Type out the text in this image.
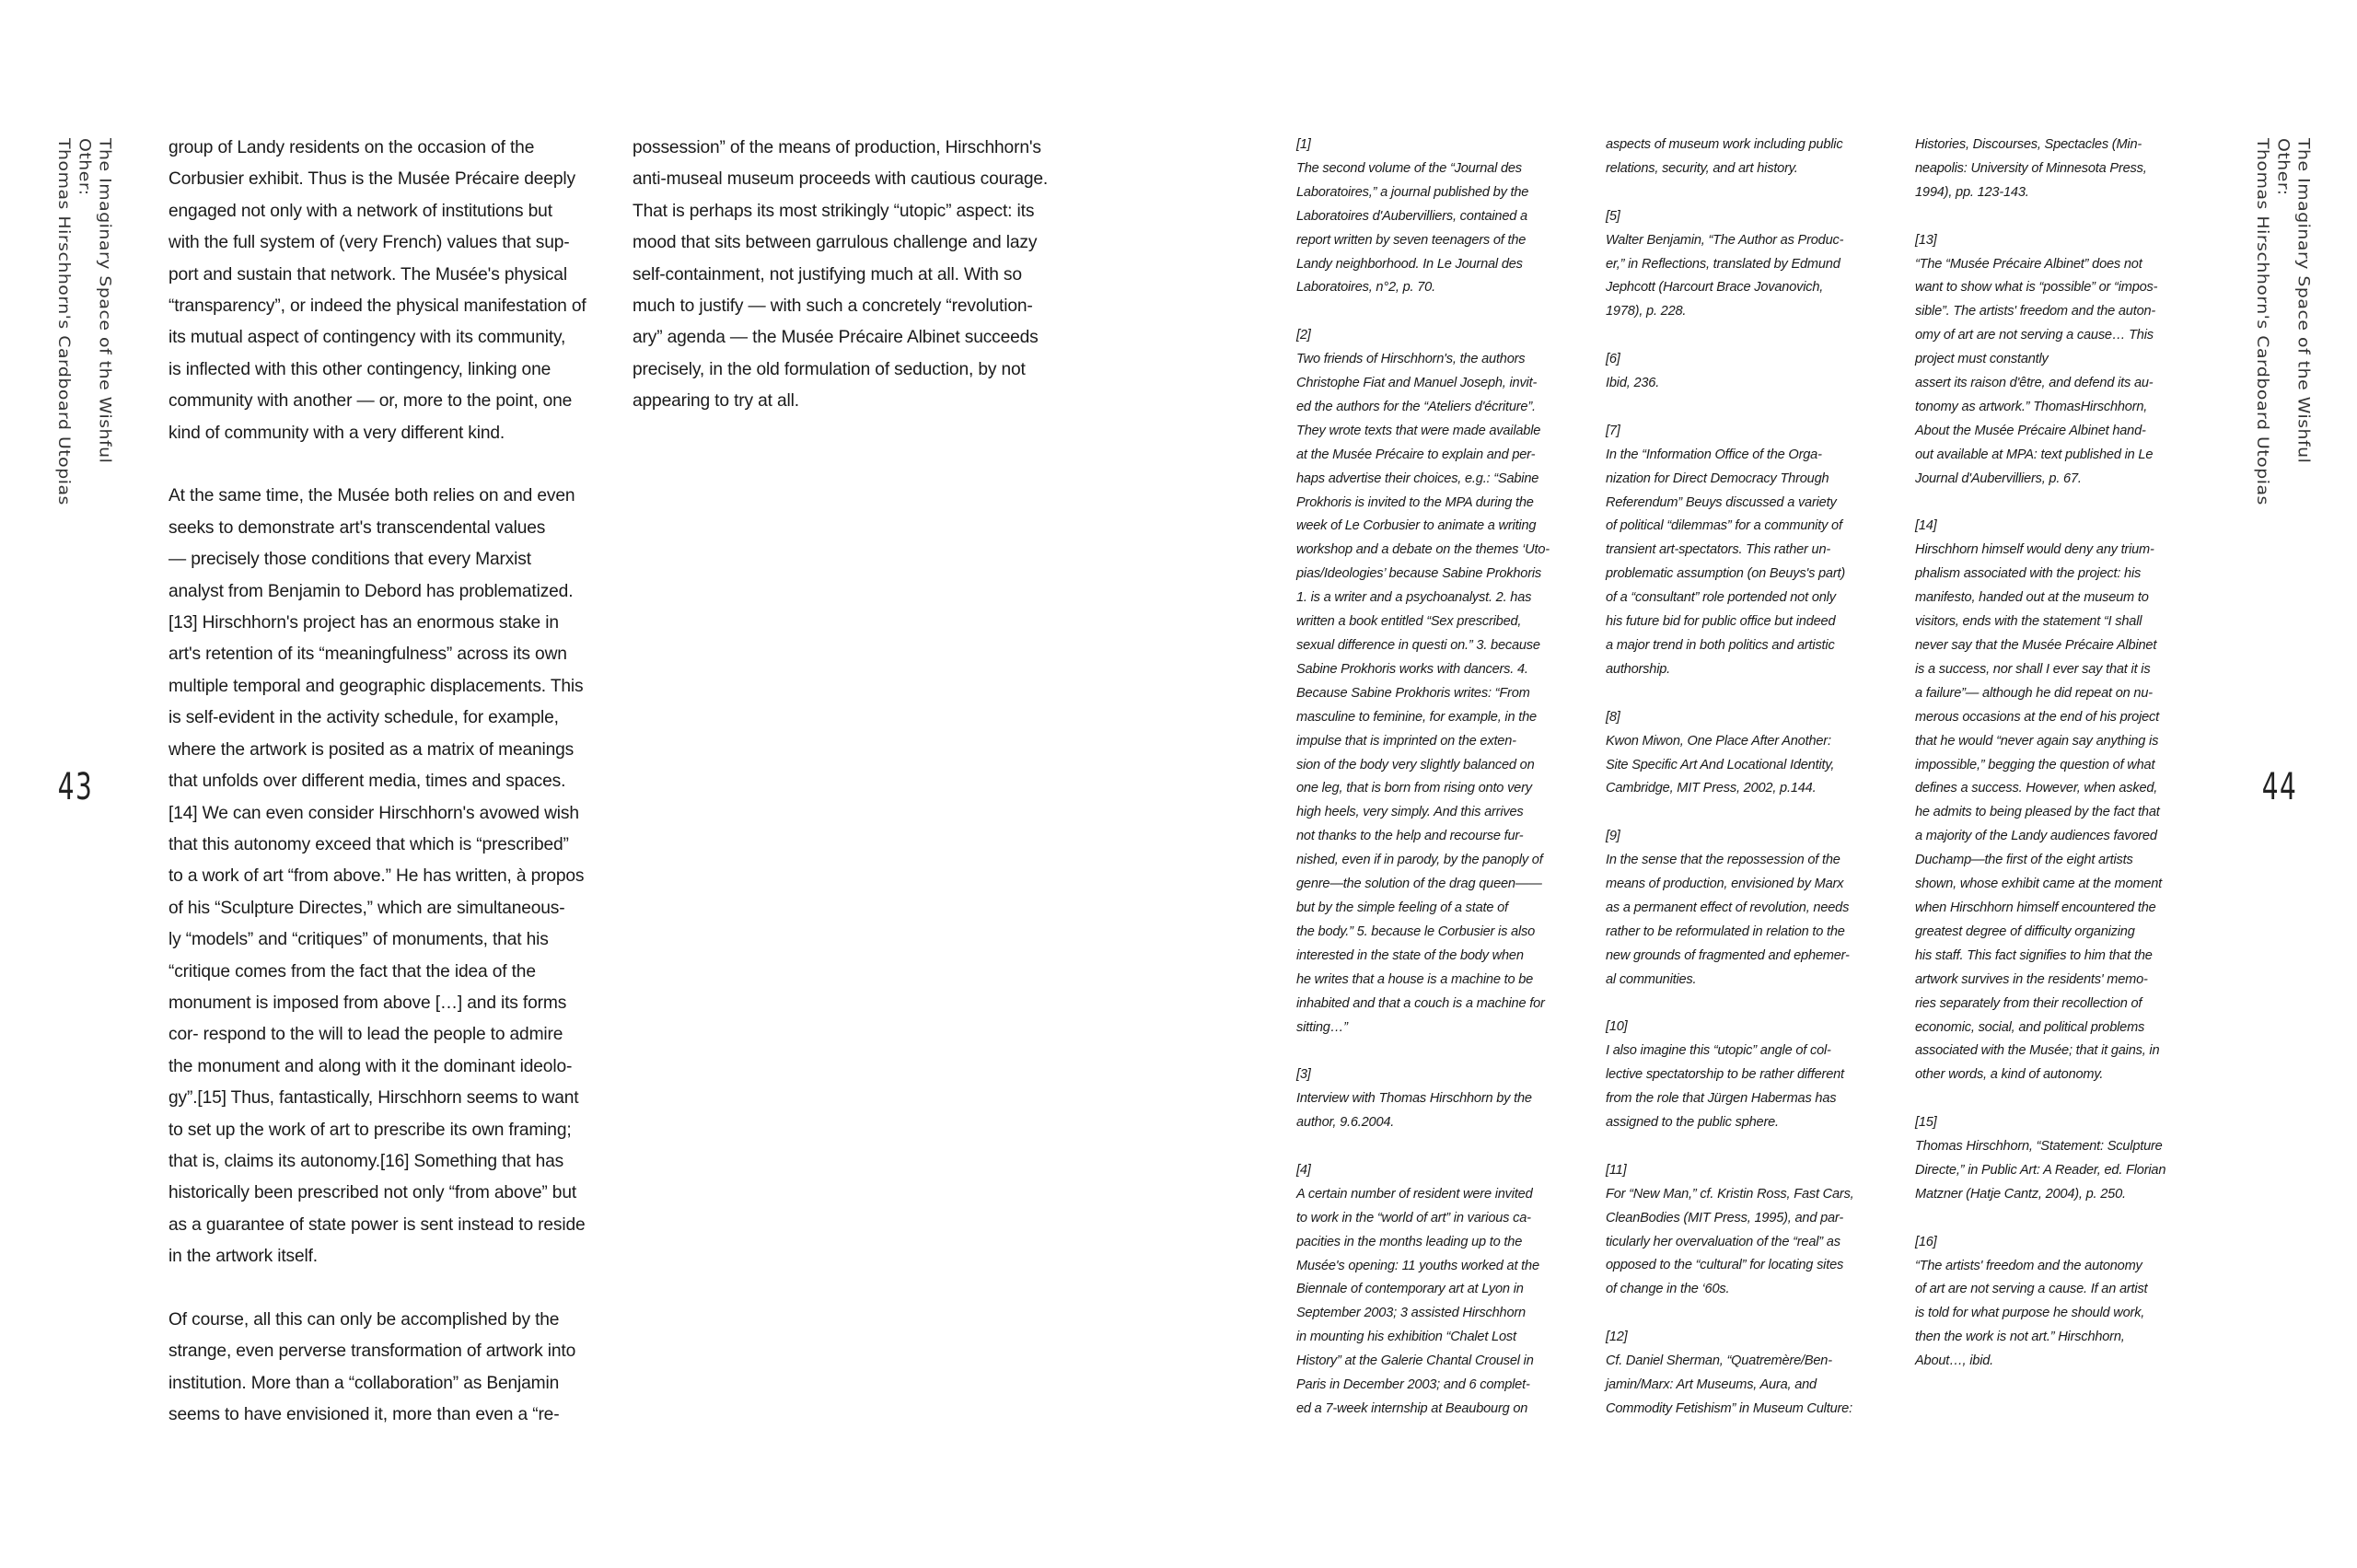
The Imaginary Space of the Wishful Other:
Thomas Hirschhorn's Cardboard Utopias
43

group of Landy residents on the occasion of the
Corbusier exhibit. Thus is the Musée Précaire deeply
engaged not only with a network of institutions but
with the full system of (very French) values that sup-
port and sustain that network. The Musée's physical
“transparency”, or indeed the physical manifestation of
its mutual aspect of contingency with its community,
is inflected with this other contingency, linking one
community with another — or, more to the point, one
kind of community with a very different kind.

At the same time, the Musée both relies on and even
seeks to demonstrate art's transcendental values
— precisely those conditions that every Marxist
analyst from Benjamin to Debord has problematized.
[13] Hirschhorn's project has an enormous stake in
art's retention of its “meaningfulness” across its own
multiple temporal and geographic displacements. This
is self-evident in the activity schedule, for example,
where the artwork is posited as a matrix of meanings
that unfolds over different media, times and spaces.
[14] We can even consider Hirschhorn's avowed wish
that this autonomy exceed that which is “prescribed”
to a work of art “from above.” He has written, à propos
of his “Sculpture Directes,” which are simultaneous-
ly “models” and “critiques” of monuments, that his
“critique comes from the fact that the idea of the
monument is imposed from above […] and its forms
cor- respond to the will to lead the people to admire
the monument and along with it the dominant ideolo-
gy”.[15] Thus, fantastically, Hirschhorn seems to want
to set up the work of art to prescribe its own framing;
that is, claims its autonomy.[16] Something that has
historically been prescribed not only “from above” but
as a guarantee of state power is sent instead to reside
in the artwork itself.

Of course, all this can only be accomplished by the
strange, even perverse transformation of artwork into
institution. More than a “collaboration” as Benjamin
seems to have envisioned it, more than even a “re-

possession” of the means of production, Hirschhorn's
anti-museal museum proceeds with cautious courage.
That is perhaps its most strikingly “utopic” aspect: its
mood that sits between garrulous challenge and lazy
self-containment, not justifying much at all. With so
much to justify — with such a concretely “revolution-
ary” agenda — the Musée Précaire Albinet succeeds
precisely, in the old formulation of seduction, by not
appearing to try at all.

[1]
The second volume of the “Journal des
Laboratoires,” a journal published by the
Laboratoires d'Aubervilliers, contained a
report written by seven teenagers of the
Landy neighborhood. In Le Journal des
Laboratoires, n°2, p. 70.
[2]
Two friends of Hirschhorn's, the authors
Christophe Fiat and Manuel Joseph, invit-
ed the authors for the “Ateliers d'écriture”.
They wrote texts that were made available
at the Musée Précaire to explain and per-
haps advertise their choices, e.g.: “Sabine
Prokhoris is invited to the MPA during the
week of Le Corbusier to animate a writing
workshop and a debate on the themes ‘Uto-
pias/Ideologies’ because Sabine Prokhoris
1. is a writer and a psychoanalyst. 2. has
written a book entitled “Sex prescribed,
sexual difference in questi on.” 3. because
Sabine Prokhoris works with dancers. 4.
Because Sabine Prokhoris writes: “From
masculine to feminine, for example, in the
impulse that is imprinted on the exten-
sion of the body very slightly balanced on
one leg, that is born from rising onto very
high heels, very simply. And this arrives
not thanks to the help and recourse fur-
nished, even if in parody, by the panoply of
genre—the solution of the drag queen——
but by the simple feeling of a state of
the body.” 5. because le Corbusier is also
interested in the state of the body when
he writes that a house is a machine to be
inhabited and that a couch is a machine for
sitting…”
[3]
Interview with Thomas Hirschhorn by the
author, 9.6.2004.
[4]
A certain number of resident were invited
to work in the “world of art” in various ca-
pacities in the months leading up to the
Musée's opening: 11 youths worked at the
Biennale of contemporary art at Lyon in
September 2003; 3 assisted Hirschhorn
in mounting his exhibition “Chalet Lost
History” at the Galerie Chantal Crousel in
Paris in December 2003; and 6 complet-
ed a 7-week internship at Beaubourg on
aspects of museum work including public
relations, security, and art history.
[5]
Walter Benjamin, “The Author as Produc-
er,” in Reflections, translated by Edmund
Jephcott (Harcourt Brace Jovanovich,
1978), p. 228.
[6]
Ibid, 236.
[7]
In the “Information Office of the Orga-
nization for Direct Democracy Through
Referendum” Beuys discussed a variety
of political “dilemmas” for a community of
transient art-spectators. This rather un-
problematic assumption (on Beuys's part)
of a “consultant” role portended not only
his future bid for public office but indeed
a major trend in both politics and artistic
authorship.
[8]
Kwon Miwon, One Place After Another:
Site Specific Art And Locational Identity,
Cambridge, MIT Press, 2002, p.144.
[9]
In the sense that the repossession of the
means of production, envisioned by Marx
as a permanent effect of revolution, needs
rather to be reformulated in relation to the
new grounds of fragmented and ephemer-
al communities.
[10]
I also imagine this “utopic” angle of col-
lective spectatorship to be rather different
from the role that Jürgen Habermas has
assigned to the public sphere.
[11]
For “New Man,” cf. Kristin Ross, Fast Cars,
CleanBodies (MIT Press, 1995), and par-
ticularly her overvaluation of the “real” as
opposed to the “cultural” for locating sites
of change in the ‘60s.
[12]
Cf. Daniel Sherman, “Quatremère/Ben-
jamin/Marx: Art Museums, Aura, and
Commodity Fetishism” in Museum Culture:
Histories, Discourses, Spectacles (Min-
neapolis: University of Minnesota Press,
1994), pp. 123-143.
[13]
“The “Musée Précaire Albinet” does not
want to show what is “possible” or “impos-
sible”. The artists' freedom and the auton-
omy of art are not serving a cause… This
project must constantly
assert its raison d'être, and defend its au-
tonomy as artwork.” ThomasHirschhorn,
About the Musée Précaire Albinet hand-
out available at MPA: text published in Le
Journal d'Aubervilliers, p. 67.
[14]
Hirschhorn himself would deny any trium-
phalism associated with the project: his
manifesto, handed out at the museum to
visitors, ends with the statement “I shall
never say that the Musée Précaire Albinet
is a success, nor shall I ever say that it is
a failure”— although he did repeat on nu-
merous occasions at the end of his project
that he would “never again say anything is
impossible,” begging the question of what
defines a success. However, when asked,
he admits to being pleased by the fact that
a majority of the Landy audiences favored
Duchamp—the first of the eight artists
shown, whose exhibit came at the moment
when Hirschhorn himself encountered the
greatest degree of difficulty organizing
his staff. This fact signifies to him that the
artwork survives in the residents' memo-
ries separately from their recollection of
economic, social, and political problems
associated with the Musée; that it gains, in
other words, a kind of autonomy.
[15]
Thomas Hirschhorn, “Statement: Sculpture
Directe,” in Public Art: A Reader, ed. Florian
Matzner (Hatje Cantz, 2004), p. 250.
[16]
“The artists' freedom and the autonomy
of art are not serving a cause. If an artist
is told for what purpose he should work,
then the work is not art.” Hirschhorn,
About…, ibid.
The Imaginary Space of the Wishful Other:
Thomas Hirschhorn's Cardboard Utopias
44
